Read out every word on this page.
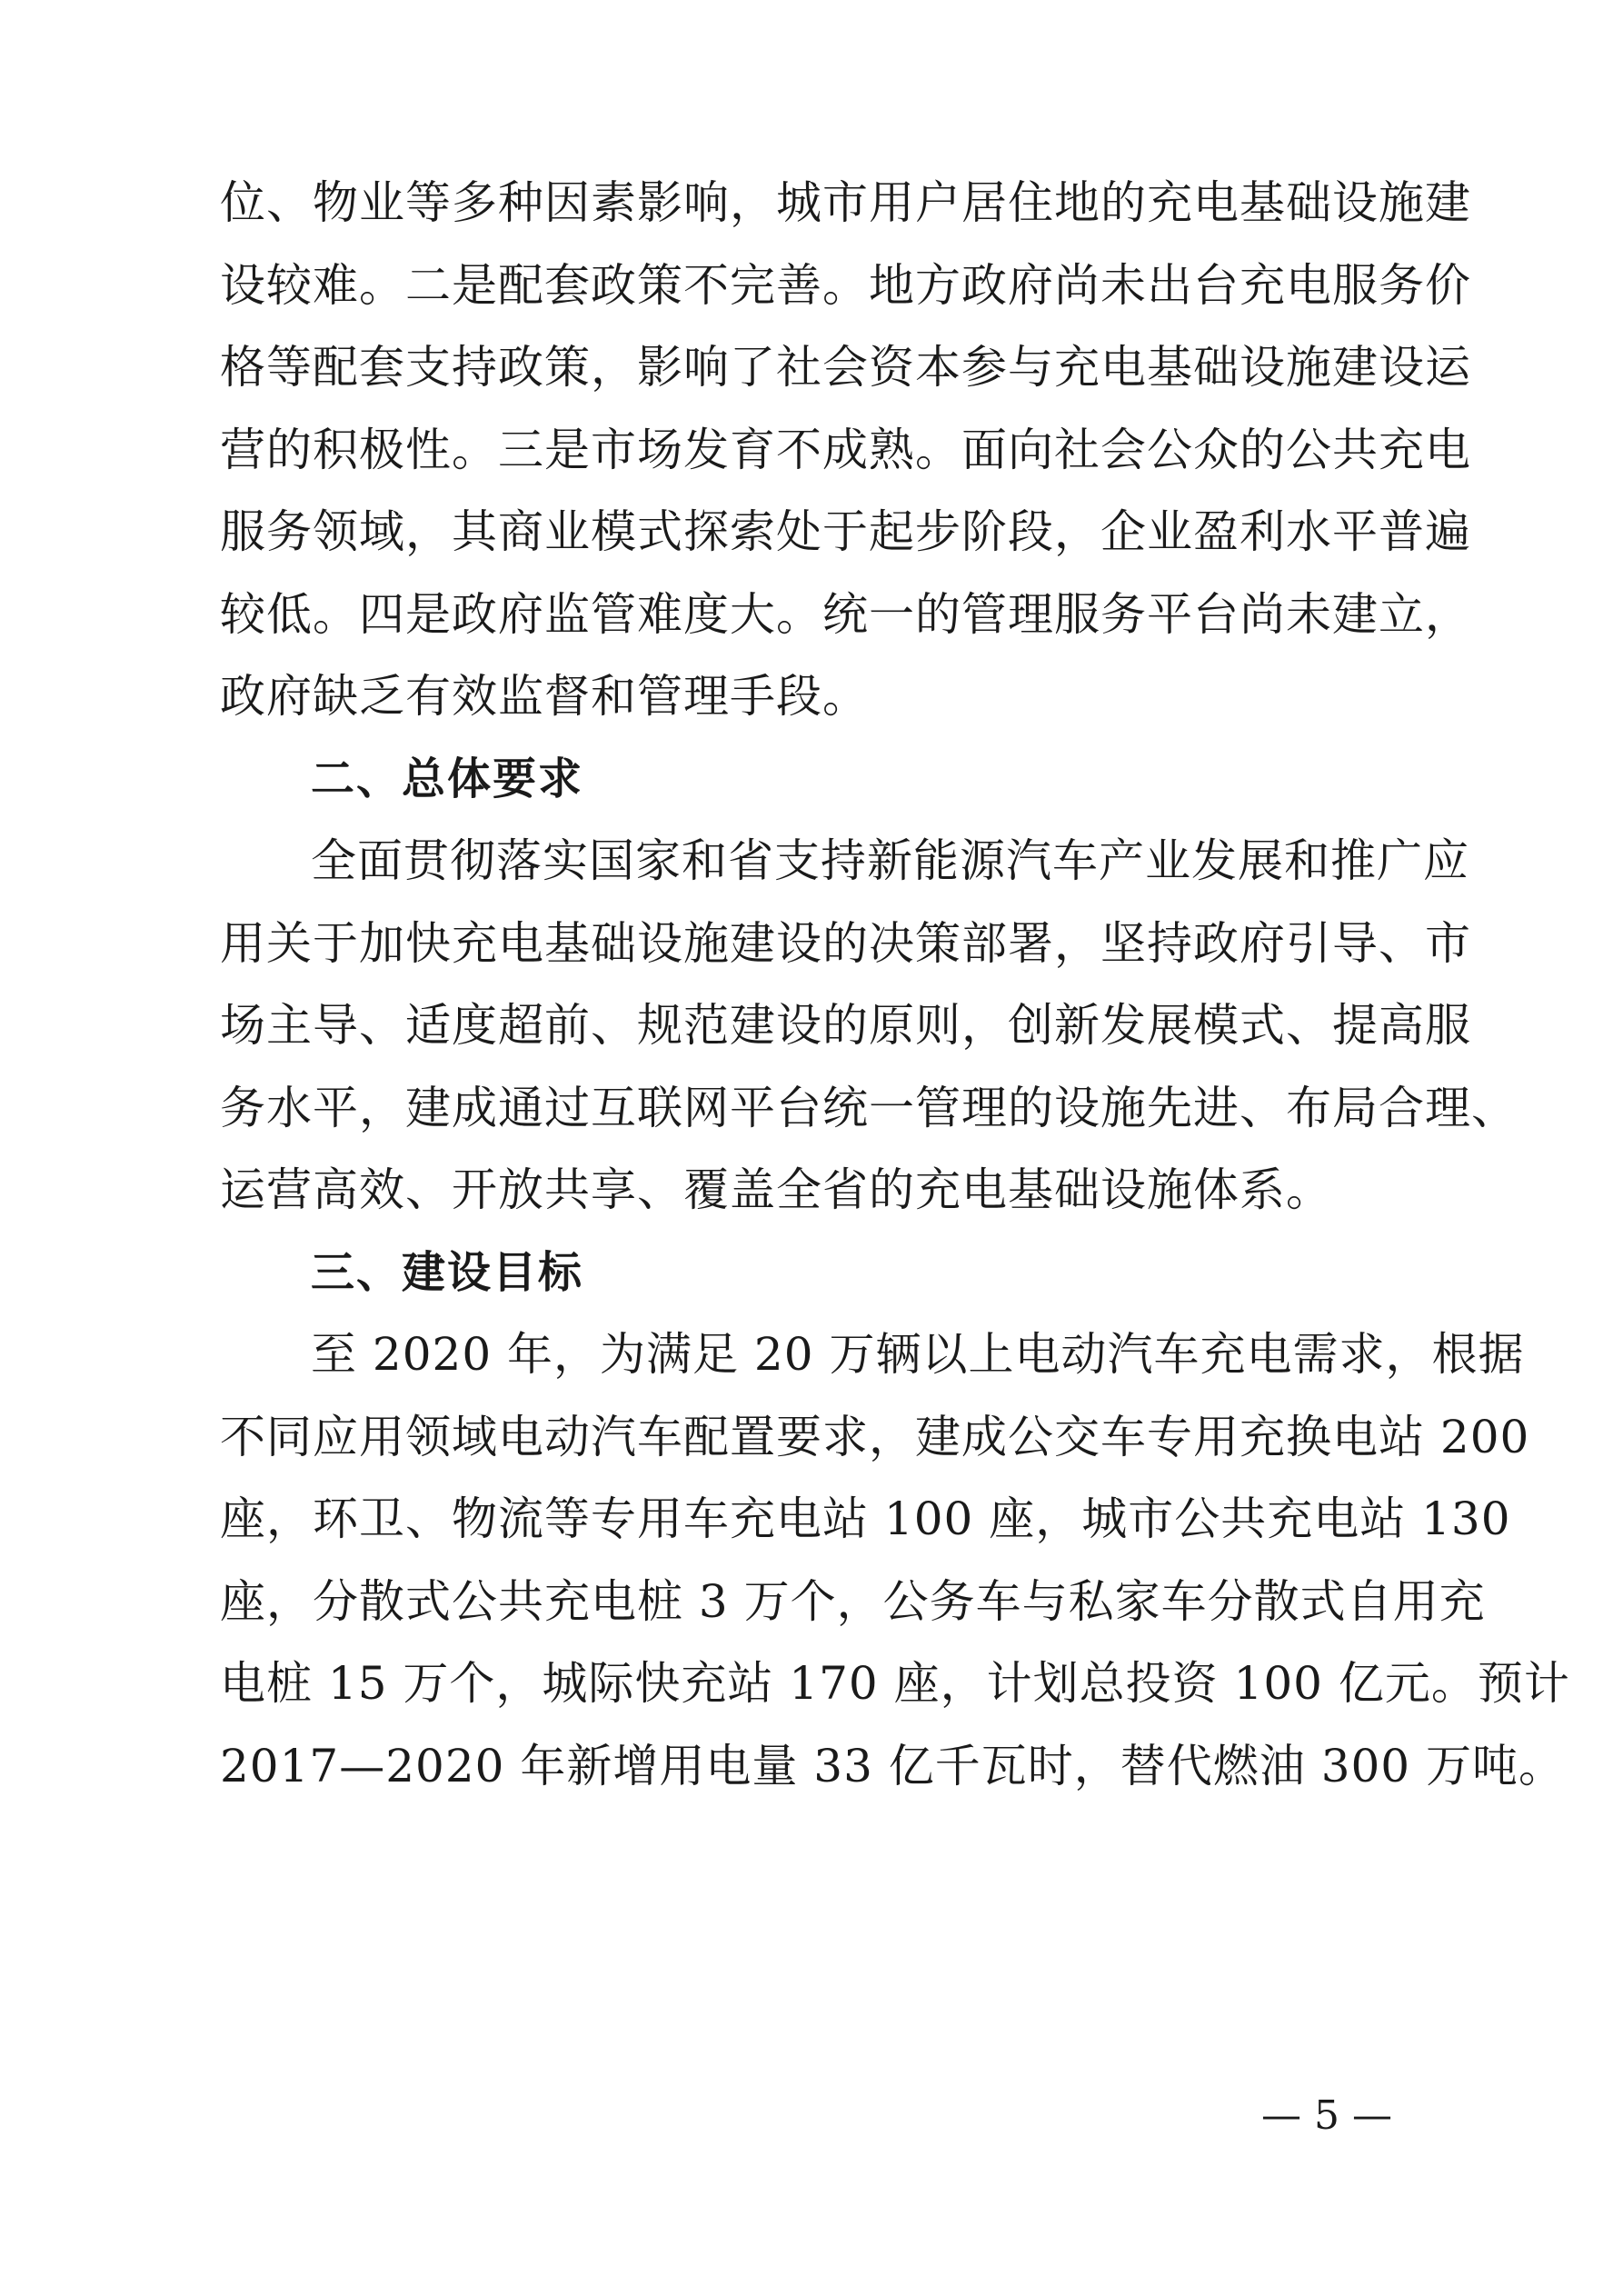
位、物业等多种因素影响，城市用户居住地的充电基础设施建
设较难。二是配套政策不完善。地方政府尚未出台充电服务价
格等配套支持政策，影响了社会资本参与充电基础设施建设运
营的积极性。三是市场发育不成熟。面向社会公众的公共充电
服务领域，其商业模式探索处于起步阶段，企业盈利水平普遍
较低。四是政府监管难度大。统一的管理服务平台尚未建立，
政府缺乏有效监督和管理手段。
二、总体要求
全面贯彻落实国家和省支持新能源汽车产业发展和推广应
用关于加快充电基础设施建设的决策部署，坚持政府引导、市
场主导、适度超前、规范建设的原则，创新发展模式、提高服
务水平，建成通过互联网平台统一管理的设施先进、布局合理、
运营高效、开放共享、覆盖全省的充电基础设施体系。
三、建设目标
至 2020 年，为满足 20 万辆以上电动汽车充电需求，根据
不同应用领域电动汽车配置要求，建成公交车专用充换电站 200
座，环卫、物流等专用车充电站 100 座，城市公共充电站 130
座，分散式公共充电桩 3 万个，公务车与私家车分散式自用充
电桩 15 万个，城际快充站 170 座，计划总投资 100 亿元。预计
2017—2020 年新增用电量 33 亿千瓦时，替代燃油 300 万吨。
— 5 —
